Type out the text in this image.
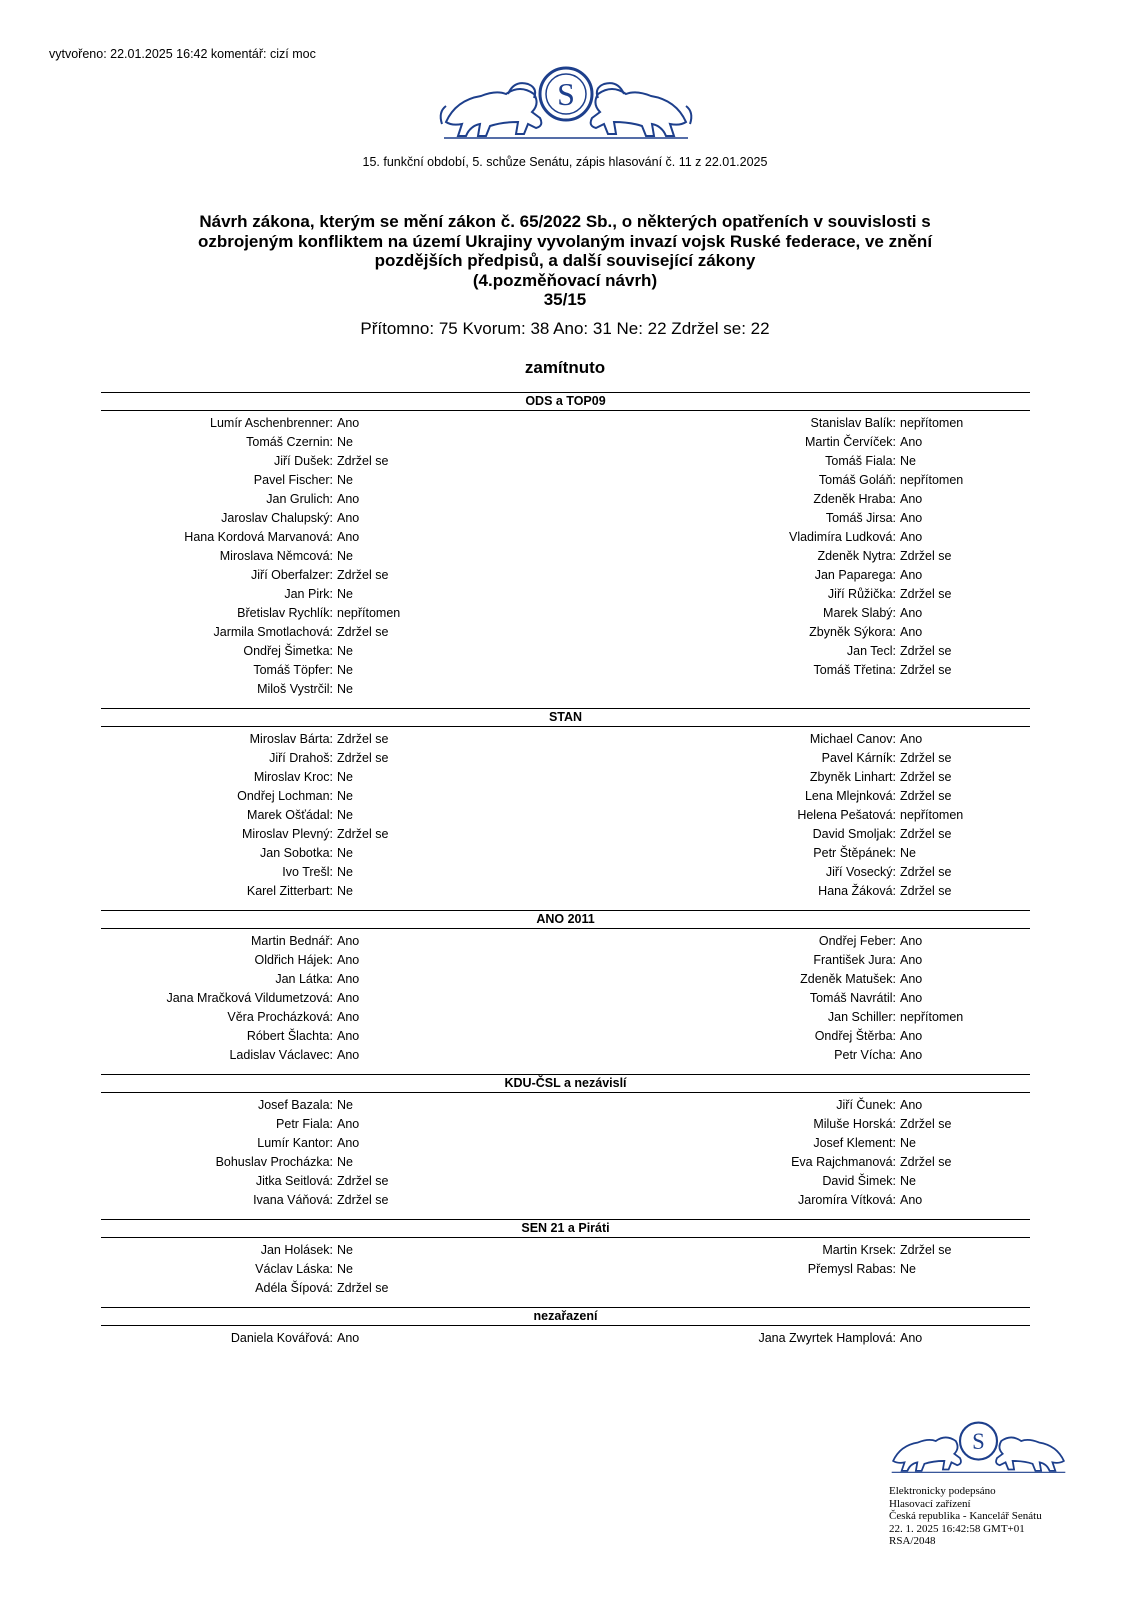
vytvořeno: 22.01.2025 16:42 komentář: cizí moc
S
15. funkční období, 5. schůze Senátu, zápis hlasování č. 11 z 22.01.2025
Návrh zákona, kterým se mění zákon č. 65/2022 Sb., o některých opatřeních v souvislosti s
ozbrojeným konfliktem na území Ukrajiny vyvolaným invazí vojsk Ruské federace, ve znění
pozdějších předpisů, a další související zákony
(4.pozměňovací návrh)
35/15
Přítomno: 75 Kvorum: 38 Ano: 31 Ne: 22 Zdržel se: 22
zamítnuto
ODS a TOP09
Lumír Aschenbrenner: Ano	Stanislav Balík: nepřítomen
Tomáš Czernin: Ne	Martin Červíček: Ano
Jiří Dušek: Zdržel se	Tomáš Fiala: Ne
Pavel Fischer: Ne	Tomáš Goláň: nepřítomen
Jan Grulich: Ano	Zdeněk Hraba: Ano
Jaroslav Chalupský: Ano	Tomáš Jirsa: Ano
Hana Kordová Marvanová: Ano	Vladimíra Ludková: Ano
Miroslava Němcová: Ne	Zdeněk Nytra: Zdržel se
Jiří Oberfalzer: Zdržel se	Jan Paparega: Ano
Jan Pirk: Ne	Jiří Růžička: Zdržel se
Břetislav Rychlík: nepřítomen	Marek Slabý: Ano
Jarmila Smotlachová: Zdržel se	Zbyněk Sýkora: Ano
Ondřej Šimetka: Ne	Jan Tecl: Zdržel se
Tomáš Töpfer: Ne	Tomáš Třetina: Zdržel se
Miloš Vystrčil: Ne
STAN
Miroslav Bárta: Zdržel se	Michael Canov: Ano
Jiří Drahoš: Zdržel se	Pavel Kárník: Zdržel se
Miroslav Kroc: Ne	Zbyněk Linhart: Zdržel se
Ondřej Lochman: Ne	Lena Mlejnková: Zdržel se
Marek Ošťádal: Ne	Helena Pešatová: nepřítomen
Miroslav Plevný: Zdržel se	David Smoljak: Zdržel se
Jan Sobotka: Ne	Petr Štěpánek: Ne
Ivo Trešl: Ne	Jiří Vosecký: Zdržel se
Karel Zitterbart: Ne	Hana Žáková: Zdržel se
ANO 2011
Martin Bednář: Ano	Ondřej Feber: Ano
Oldřich Hájek: Ano	František Jura: Ano
Jan Látka: Ano	Zdeněk Matušek: Ano
Jana Mračková Vildumetzová: Ano	Tomáš Navrátil: Ano
Věra Procházková: Ano	Jan Schiller: nepřítomen
Róbert Šlachta: Ano	Ondřej Štěrba: Ano
Ladislav Václavec: Ano	Petr Vícha: Ano
KDU-ČSL a nezávislí
Josef Bazala: Ne	Jiří Čunek: Ano
Petr Fiala: Ano	Miluše Horská: Zdržel se
Lumír Kantor: Ano	Josef Klement: Ne
Bohuslav Procházka: Ne	Eva Rajchmanová: Zdržel se
Jitka Seitlová: Zdržel se	David Šimek: Ne
Ivana Váňová: Zdržel se	Jaromíra Vítková: Ano
SEN 21 a Piráti
Jan Holásek: Ne	Martin Krsek: Zdržel se
Václav Láska: Ne	Přemysl Rabas: Ne
Adéla Šípová: Zdržel se
nezařazení
Daniela Kovářová: Ano	Jana Zwyrtek Hamplová: Ano
S
Elektronicky podepsáno
Hlasovací zařízení
Česká republika - Kancelář Senátu
22. 1. 2025 16:42:58 GMT+01
RSA/2048
